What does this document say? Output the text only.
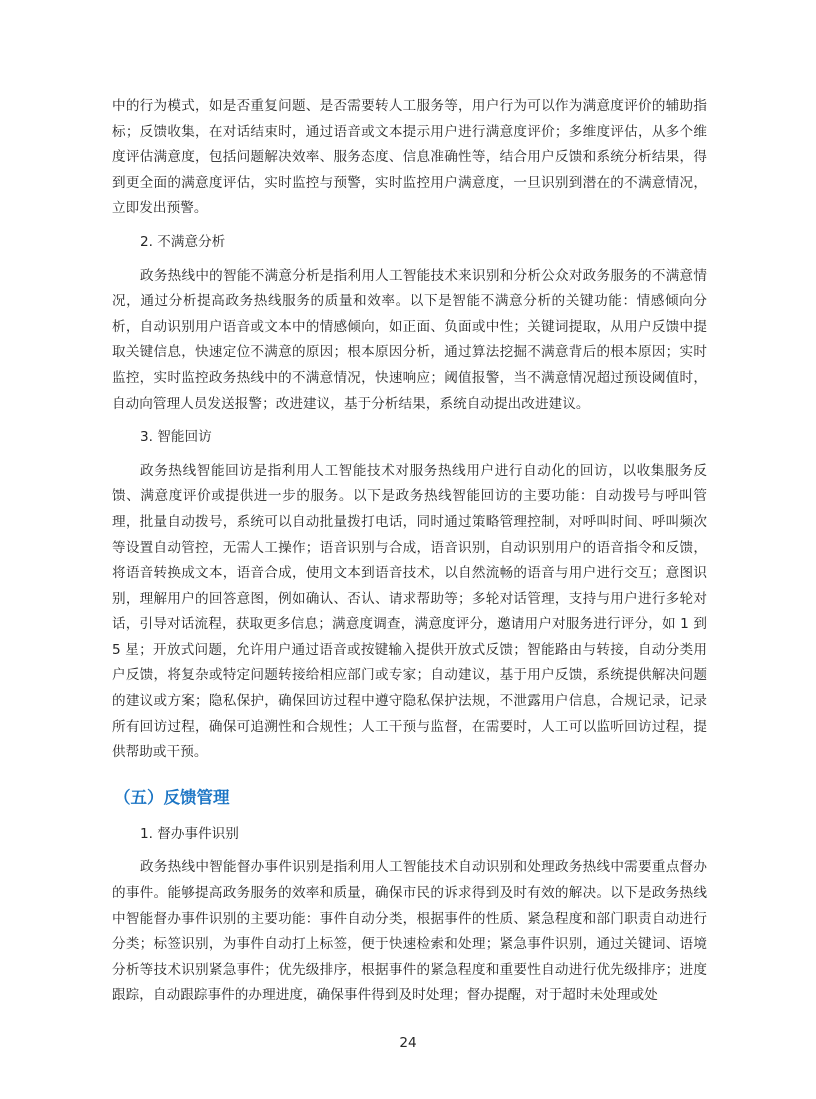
中的行为模式，如是否重复问题、是否需要转人工服务等，用户行为可以作为满意度评价的辅助指标；反馈收集，在对话结束时，通过语音或文本提示用户进行满意度评价；多维度评估，从多个维度评估满意度，包括问题解决效率、服务态度、信息准确性等，结合用户反馈和系统分析结果，得到更全面的满意度评估，实时监控与预警，实时监控用户满意度，一旦识别到潜在的不满意情况，立即发出预警。

2. 不满意分析

政务热线中的智能不满意分析是指利用人工智能技术来识别和分析公众对政务服务的不满意情况，通过分析提高政务热线服务的质量和效率。以下是智能不满意分析的关键功能：情感倾向分析，自动识别用户语音或文本中的情感倾向，如正面、负面或中性；关键词提取，从用户反馈中提取关键信息，快速定位不满意的原因；根本原因分析，通过算法挖掘不满意背后的根本原因；实时监控，实时监控政务热线中的不满意情况，快速响应；阈值报警，当不满意情况超过预设阈值时，自动向管理人员发送报警；改进建议，基于分析结果，系统自动提出改进建议。

3. 智能回访

政务热线智能回访是指利用人工智能技术对服务热线用户进行自动化的回访，以收集服务反馈、满意度评价或提供进一步的服务。以下是政务热线智能回访的主要功能：自动拨号与呼叫管理，批量自动拨号，系统可以自动批量拨打电话，同时通过策略管理控制，对呼叫时间、呼叫频次等设置自动管控，无需人工操作；语音识别与合成，语音识别，自动识别用户的语音指令和反馈，将语音转换成文本，语音合成，使用文本到语音技术，以自然流畅的语音与用户进行交互；意图识别，理解用户的回答意图，例如确认、否认、请求帮助等；多轮对话管理，支持与用户进行多轮对话，引导对话流程，获取更多信息；满意度调查，满意度评分，邀请用户对服务进行评分，如 1 到 5 星；开放式问题，允许用户通过语音或按键输入提供开放式反馈；智能路由与转接，自动分类用户反馈，将复杂或特定问题转接给相应部门或专家；自动建议，基于用户反馈，系统提供解决问题的建议或方案；隐私保护，确保回访过程中遵守隐私保护法规，不泄露用户信息，合规记录，记录所有回访过程，确保可追溯性和合规性；人工干预与监督，在需要时，人工可以监听回访过程，提供帮助或干预。

（五）反馈管理
1. 督办事件识别

政务热线中智能督办事件识别是指利用人工智能技术自动识别和处理政务热线中需要重点督办的事件。能够提高政务服务的效率和质量，确保市民的诉求得到及时有效的解决。以下是政务热线中智能督办事件识别的主要功能：事件自动分类，根据事件的性质、紧急程度和部门职责自动进行分类；标签识别，为事件自动打上标签，便于快速检索和处理；紧急事件识别，通过关键词、语境分析等技术识别紧急事件；优先级排序，根据事件的紧急程度和重要性自动进行优先级排序；进度跟踪，自动跟踪事件的办理进度，确保事件得到及时处理；督办提醒，对于超时未处理或处

24
